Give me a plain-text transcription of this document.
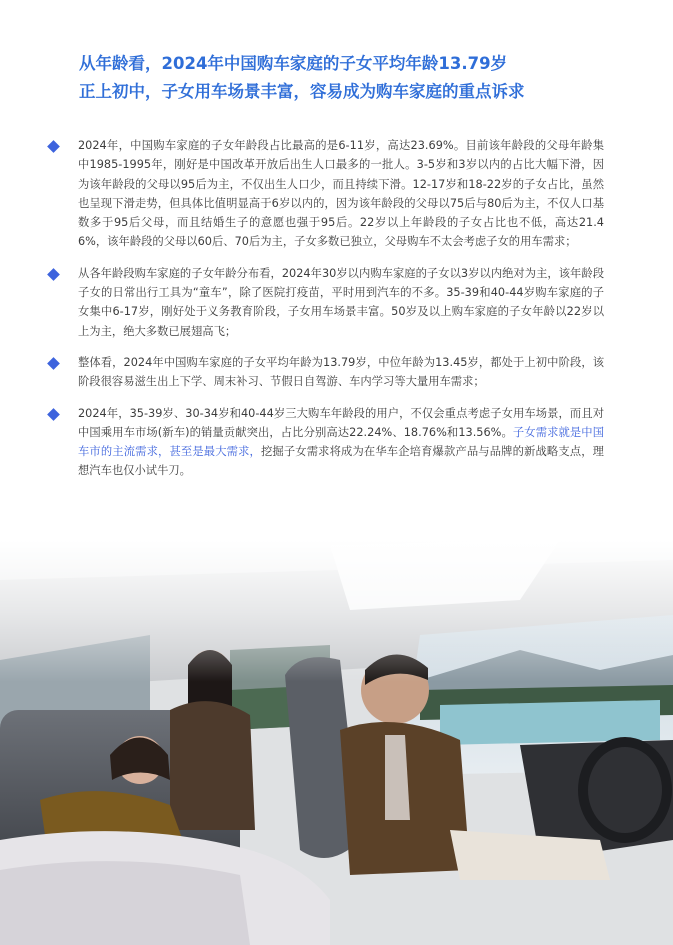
从年龄看，2024年中国购车家庭的子女平均年龄13.79岁
正上初中，子女用车场景丰富，容易成为购车家庭的重点诉求

2024年，中国购车家庭的子女年龄段占比最高的是6-11岁，高达23.69%。目前该年龄段的父母年龄集中1985-1995年，刚好是中国改革开放后出生人口最多的一批人。3-5岁和3岁以内的占比大幅下滑，因为该年龄段的父母以95后为主，不仅出生人口少，而且持续下滑。12-17岁和18-22岁的子女占比，虽然也呈现下滑走势，但具体比值明显高于6岁以内的，因为该年龄段的父母以75后与80后为主，不仅人口基数多于95后父母，而且结婚生子的意愿也强于95后。22岁以上年龄段的子女占比也不低，高达21.46%，该年龄段的父母以60后、70后为主，子女多数已独立，父母购车不太会考虑子女的用车需求；

从各年龄段购车家庭的子女年龄分布看，2024年30岁以内购车家庭的子女以3岁以内绝对为主，该年龄段子女的日常出行工具为“童车”，除了医院打疫苗，平时用到汽车的不多。35-39和40-44岁购车家庭的子女集中6-17岁，刚好处于义务教育阶段，子女用车场景丰富。50岁及以上购车家庭的子女年龄以22岁以上为主，绝大多数已展翅高飞；

整体看，2024年中国购车家庭的子女平均年龄为13.79岁，中位年龄为13.45岁，都处于上初中阶段，该阶段很容易滋生出上下学、周末补习、节假日自驾游、车内学习等大量用车需求；

2024年，35-39岁、30-34岁和40-44岁三大购车年龄段的用户，不仅会重点考虑子女用车场景，而且对中国乘用车市场(新车)的销量贡献突出，占比分别高达22.24%、18.76%和13.56%。子女需求就是中国车市的主流需求，甚至是最大需求，挖掘子女需求将成为在华车企培育爆款产品与品牌的新战略支点，理想汽车也仅小试牛刀。
